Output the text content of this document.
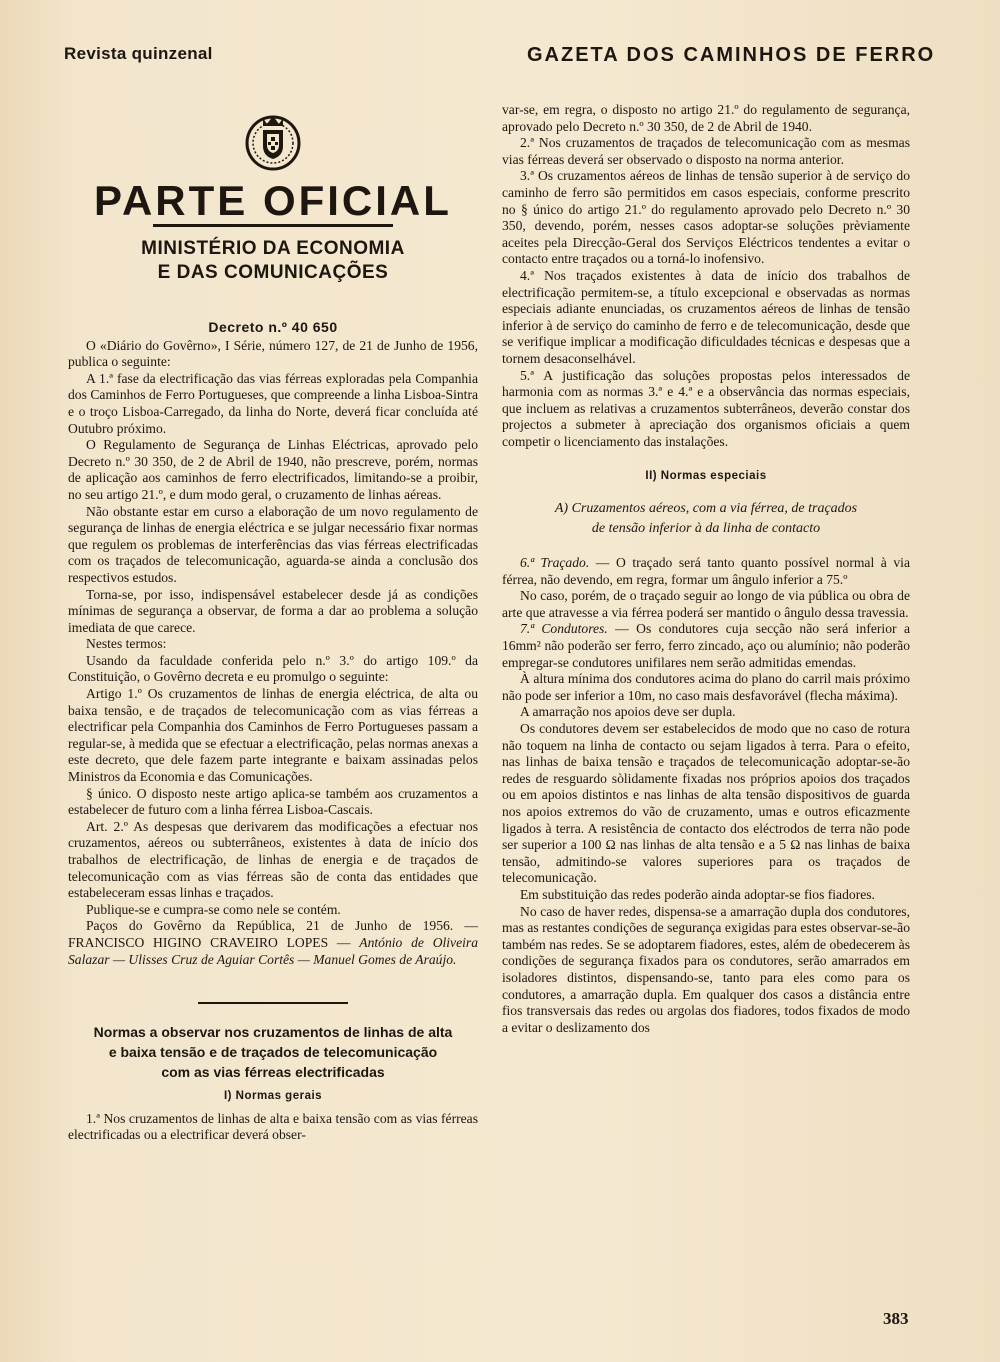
Revista quinzenal	GAZETA DOS CAMINHOS DE FERRO
PARTE OFICIAL
MINISTÉRIO DA ECONOMIA
E DAS COMUNICAÇÕES
Decreto n.º 40 650

O «Diário do Govêrno», I Série, número 127, de 21 de Junho de 1956, publica o seguinte:

A 1.ª fase da electrificação das vias férreas exploradas pela Companhia dos Caminhos de Ferro Portugueses, que compreende a linha Lisboa-Sintra e o troço Lisboa-Carregado, da linha do Norte, deverá ficar concluída até Outubro próximo.

O Regulamento de Segurança de Linhas Eléctricas, aprovado pelo Decreto n.º 30 350, de 2 de Abril de 1940, não prescreve, porém, normas de aplicação aos caminhos de ferro electrificados, limitando-se a proibir, no seu artigo 21.º, e dum modo geral, o cruzamento de linhas aéreas.

Não obstante estar em curso a elaboração de um novo regulamento de segurança de linhas de energia eléctrica e se julgar necessário fixar normas que regulem os problemas de interferências das vias férreas electrificadas com os traçados de telecomunicação, aguarda-se ainda a conclusão dos respectivos estudos.

Torna-se, por isso, indispensável estabelecer desde já as condições mínimas de segurança a observar, de forma a dar ao problema a solução imediata de que carece.

Nestes termos:

Usando da faculdade conferida pelo n.º 3.º do artigo 109.º da Constituição, o Govêrno decreta e eu promulgo o seguinte:

Artigo 1.º Os cruzamentos de linhas de energia eléctrica, de alta ou baixa tensão, e de traçados de telecomunicação com as vias férreas a electrificar pela Companhia dos Caminhos de Ferro Portugueses passam a regular-se, à medida que se efectuar a electrificação, pelas normas anexas a este decreto, que dele fazem parte integrante e baixam assinadas pelos Ministros da Economia e das Comunicações.

§ único. O disposto neste artigo aplica-se também aos cruzamentos a estabelecer de futuro com a linha férrea Lisboa-Cascais.

Art. 2.º As despesas que derivarem das modificações a efectuar nos cruzamentos, aéreos ou subterrâneos, existentes à data de início dos trabalhos de electrificação, de linhas de energia e de traçados de telecomunicação com as vias férreas são de conta das entidades que estabeleceram essas linhas e traçados.

Publique-se e cumpra-se como nele se contém.

Paços do Govêrno da República, 21 de Junho de 1956. — FRANCISCO HIGINO CRAVEIRO LOPES — António de Oliveira Salazar — Ulisses Cruz de Aguiar Cortês — Manuel Gomes de Araújo.

Normas a observar nos cruzamentos de linhas de alta
e baixa tensão e de traçados de telecomunicação
com as vias férreas electrificadas
I) Normas gerais

1.ª Nos cruzamentos de linhas de alta e baixa tensão com as vias férreas electrificadas ou a electrificar deverá obser-

var-se, em regra, o disposto no artigo 21.º do regulamento de segurança, aprovado pelo Decreto n.º 30 350, de 2 de Abril de 1940.

2.ª Nos cruzamentos de traçados de telecomunicação com as mesmas vias férreas deverá ser observado o disposto na norma anterior.

3.ª Os cruzamentos aéreos de linhas de tensão superior à de serviço do caminho de ferro são permitidos em casos especiais, conforme prescrito no § único do artigo 21.º do regulamento aprovado pelo Decreto n.º 30 350, devendo, porém, nesses casos adoptar-se soluções prèviamente aceites pela Direcção-Geral dos Serviços Eléctricos tendentes a evitar o contacto entre traçados ou a torná-lo inofensivo.

4.ª Nos traçados existentes à data de início dos trabalhos de electrificação permitem-se, a título excepcional e observadas as normas especiais adiante enunciadas, os cruzamentos aéreos de linhas de tensão inferior à de serviço do caminho de ferro e de telecomunicação, desde que se verifique implicar a modificação dificuldades técnicas e despesas que a tornem desaconselhável.

5.ª A justificação das soluções propostas pelos interessados de harmonia com as normas 3.ª e 4.ª e a observância das normas especiais, que incluem as relativas a cruzamentos subterrâneos, deverão constar dos projectos a submeter à apreciação dos organismos oficiais a quem competir o licenciamento das instalações.

II) Normas especiais
A) Cruzamentos aéreos, com a via férrea, de traçados
de tensão inferior à da linha de contacto

6.ª Traçado. — O traçado será tanto quanto possível normal à via férrea, não devendo, em regra, formar um ângulo inferior a 75.º

No caso, porém, de o traçado seguir ao longo de via pública ou obra de arte que atravesse a via férrea poderá ser mantido o ângulo dessa travessia.

7.ª Condutores. — Os condutores cuja secção não será inferior a 16mm² não poderão ser ferro, ferro zincado, aço ou alumínio; não poderão empregar-se condutores unifilares nem serão admitidas emendas.

À altura mínima dos condutores acima do plano do carril mais próximo não pode ser inferior a 10m, no caso mais desfavorável (flecha máxima).

A amarração nos apoios deve ser dupla.

Os condutores devem ser estabelecidos de modo que no caso de rotura não toquem na linha de contacto ou sejam ligados à terra. Para o efeito, nas linhas de baixa tensão e traçados de telecomunicação adoptar-se-ão redes de resguardo sòlidamente fixadas nos próprios apoios dos traçados ou em apoios distintos e nas linhas de alta tensão dispositivos de guarda nos apoios extremos do vão de cruzamento, umas e outros eficazmente ligados à terra. A resistência de contacto dos eléctrodos de terra não pode ser superior a 100 Ω nas linhas de alta tensão e a 5 Ω nas linhas de baixa tensão, admitindo-se valores superiores para os traçados de telecomunicação.

Em substituição das redes poderão ainda adoptar-se fios fiadores.

No caso de haver redes, dispensa-se a amarração dupla dos condutores, mas as restantes condições de segurança exigidas para estes observar-se-ão também nas redes. Se se adoptarem fiadores, estes, além de obedecerem às condições de segurança fixados para os condutores, serão amarrados em isoladores distintos, dispensando-se, tanto para eles como para os condutores, a amarração dupla. Em qualquer dos casos a distância entre fios transversais das redes ou argolas dos fiadores, todos fixados de modo a evitar o deslizamento dos

383
